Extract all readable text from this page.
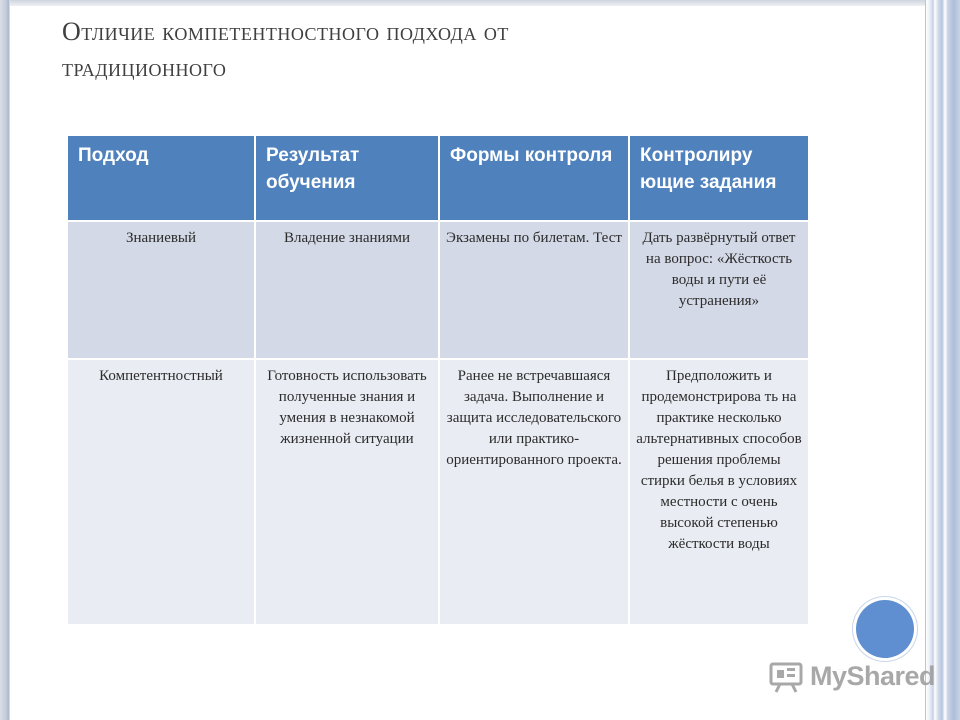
Отличие компетентностного подхода от
традиционного
Подход	Результат обучения	Формы контроля	Контролиру ющие задания
Знаниевый	Владение знаниями	Экзамены по билетам. Тест	Дать развёрнутый ответ на вопрос: «Жёсткость воды и пути её устранения»
Компетентностный	Готовность использовать полученные знания и умения в незнакомой жизненной ситуации	Ранее не встречавшаяся задача. Выполнение и защита исследовательского или практико-ориентированного проекта.	Предположить и продемонстрирова ть на практике несколько альтернативных способов решения проблемы стирки белья в условиях местности с очень высокой степенью жёсткости воды
MyShared
